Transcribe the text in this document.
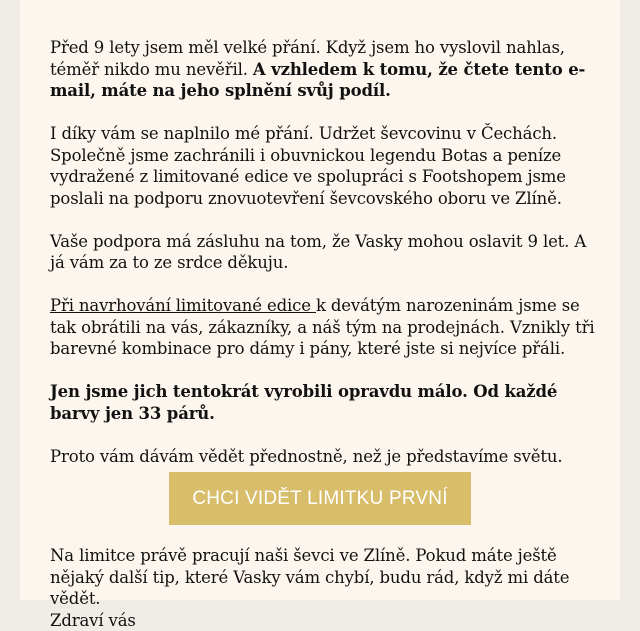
Před 9 lety jsem měl velké přání. Když jsem ho vyslovil nahlas, téměř nikdo mu nevěřil. A vzhledem k tomu, že čtete tento e-mail, máte na jeho splnění svůj podíl.

I díky vám se naplnilo mé přání. Udržet ševcovinu v Čechách. Společně jsme zachránili i obuvnickou legendu Botas a peníze vydražené z limitované edice ve spolupráci s Footshopem jsme poslali na podporu znovuotevření ševcovského oboru ve Zlíně.

Vaše podpora má zásluhu na tom, že Vasky mohou oslavit 9 let. A já vám za to ze srdce děkuju.

Při navrhování limitované edice k devátým narozeninám jsme se tak obrátili na vás, zákazníky, a náš tým na prodejnách. Vznikly tři barevné kombinace pro dámy i pány, které jste si nejvíce přáli.

Jen jsme jich tentokrát vyrobili opravdu málo. Od každé barvy jen 33 párů.

Proto vám dávám vědět přednostně, než je představíme světu.

CHCI VIDĚT LIMITKU PRVNÍ

Na limitce právě pracují naši ševci ve Zlíně. Pokud máte ještě nějaký další tip, které Vasky vám chybí, budu rád, když mi dáte vědět.

Zdraví vás
